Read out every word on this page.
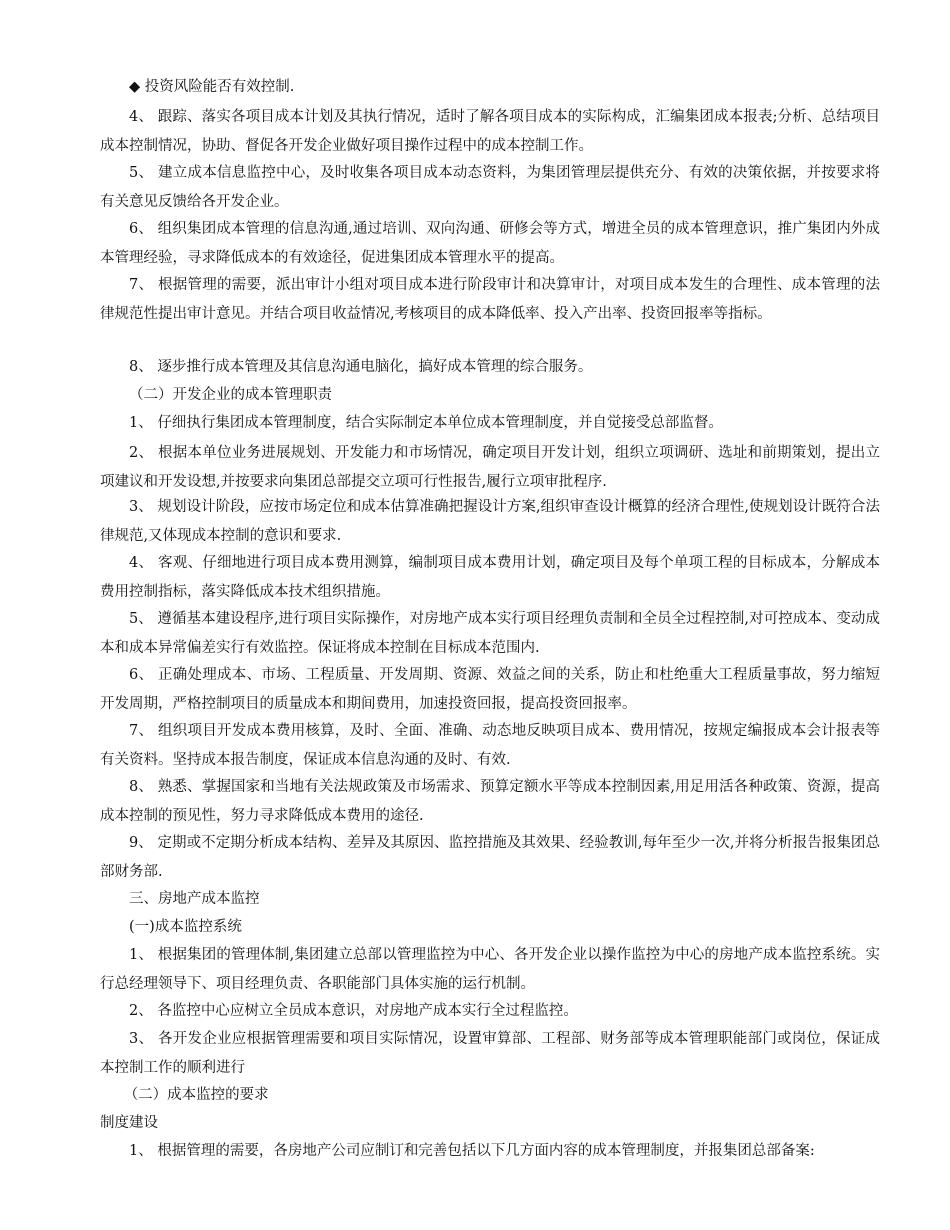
◆ 投资风险能否有效控制.
4、 跟踪、落实各项目成本计划及其执行情况，适时了解各项目成本的实际构成，汇编集团成本报表;分析、总结项目成本控制情况，协助、督促各开发企业做好项目操作过程中的成本控制工作。
5、 建立成本信息监控中心，及时收集各项目成本动态资料，为集团管理层提供充分、有效的决策依据，并按要求将有关意见反馈给各开发企业。
6、 组织集团成本管理的信息沟通,通过培训、双向沟通、研修会等方式，增进全员的成本管理意识，推广集团内外成本管理经验，寻求降低成本的有效途径，促进集团成本管理水平的提高。
7、 根据管理的需要，派出审计小组对项目成本进行阶段审计和决算审计，对项目成本发生的合理性、成本管理的法律规范性提出审计意见。并结合项目收益情况,考核项目的成本降低率、投入产出率、投资回报率等指标。
8、 逐步推行成本管理及其信息沟通电脑化，搞好成本管理的综合服务。
（二）开发企业的成本管理职责
1、 仔细执行集团成本管理制度，结合实际制定本单位成本管理制度，并自觉接受总部监督。
2、 根据本单位业务进展规划、开发能力和市场情况，确定项目开发计划，组织立项调研、选址和前期策划，提出立项建议和开发设想,并按要求向集团总部提交立项可行性报告,履行立项审批程序.
3、 规划设计阶段，应按市场定位和成本估算准确把握设计方案,组织审查设计概算的经济合理性,使规划设计既符合法律规范,又体现成本控制的意识和要求.
4、 客观、仔细地进行项目成本费用测算，编制项目成本费用计划，确定项目及每个单项工程的目标成本，分解成本费用控制指标，落实降低成本技术组织措施。
5、 遵循基本建设程序,进行项目实际操作，对房地产成本实行项目经理负责制和全员全过程控制,对可控成本、变动成本和成本异常偏差实行有效监控。保证将成本控制在目标成本范围内.
6、 正确处理成本、市场、工程质量、开发周期、资源、效益之间的关系，防止和杜绝重大工程质量事故，努力缩短开发周期，严格控制项目的质量成本和期间费用，加速投资回报，提高投资回报率。
7、 组织项目开发成本费用核算，及时、全面、准确、动态地反映项目成本、费用情况，按规定编报成本会计报表等有关资料。坚持成本报告制度，保证成本信息沟通的及时、有效.
8、 熟悉、掌握国家和当地有关法规政策及市场需求、预算定额水平等成本控制因素,用足用活各种政策、资源，提高成本控制的预见性，努力寻求降低成本费用的途径.
9、 定期或不定期分析成本结构、差异及其原因、监控措施及其效果、经验教训,每年至少一次,并将分析报告报集团总部财务部.
三、房地产成本监控
(一)成本监控系统
1、 根据集团的管理体制,集团建立总部以管理监控为中心、各开发企业以操作监控为中心的房地产成本监控系统。实行总经理领导下、项目经理负责、各职能部门具体实施的运行机制。
2、 各监控中心应树立全员成本意识，对房地产成本实行全过程监控。
3、 各开发企业应根据管理需要和项目实际情况，设置审算部、工程部、财务部等成本管理职能部门或岗位，保证成本控制工作的顺利进行
（二）成本监控的要求
制度建设
1、 根据管理的需要，各房地产公司应制订和完善包括以下几方面内容的成本管理制度，并报集团总部备案:
